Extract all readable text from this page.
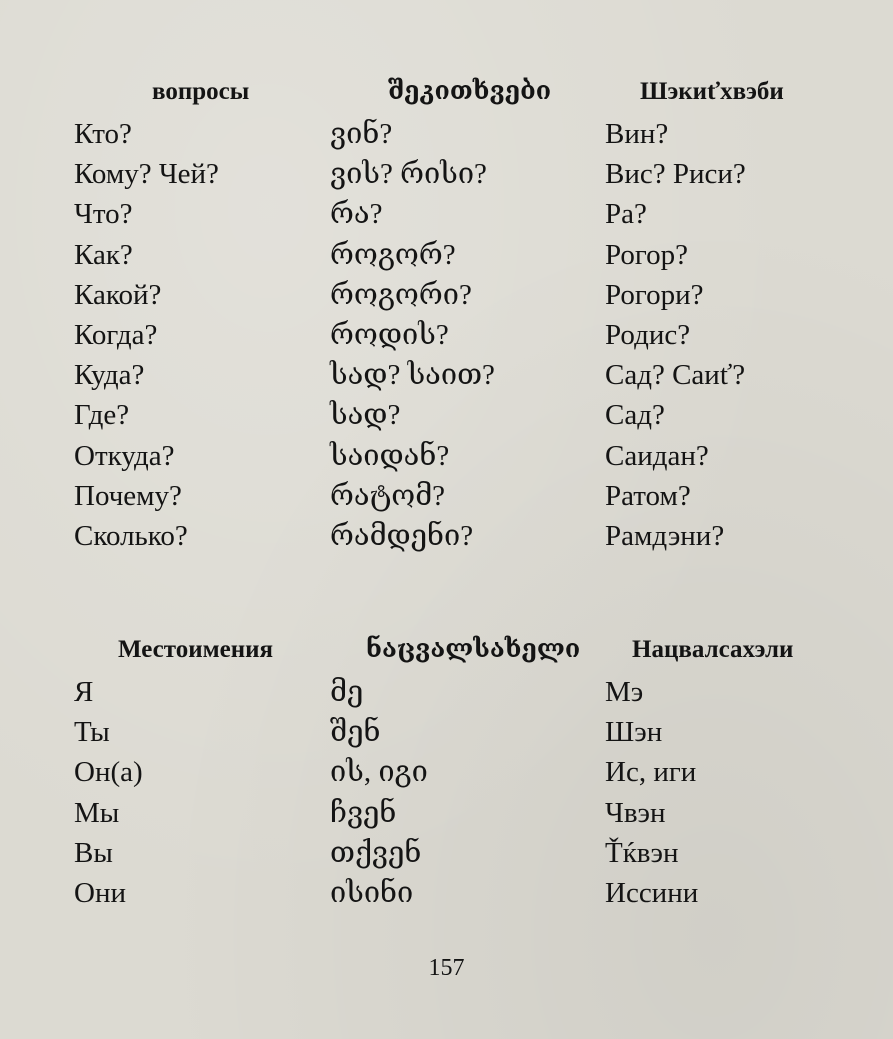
вопросы	შეკითხვები	Шэкиťхвэби
Кто?	ვინ?	Вин?
Кому? Чей?	ვის? რისი?	Вис? Риси?
Что?	რა?	Ра?
Как?	როგორ?	Рогор?
Какой?	როგორი?	Рогори?
Когда?	როდის?	Родис?
Куда?	სად? საით?	Сад? Саиť?
Где?	სად?	Сад?
Откуда?	საიდან?	Саидан?
Почему?	რატომ?	Ратом?
Сколько?	რამდენი?	Рамдэни?
Местоимения	ნაცვალსახელი Нацвалсахэли
Я	მე	Мэ
Ты	შენ	Шэн
Он(а)	ის, იგი	Ис, иги
Мы	ჩვენ	Чвэн
Вы	თქვენ	Ťќвэн
Они	ისინი	Иссини
157
